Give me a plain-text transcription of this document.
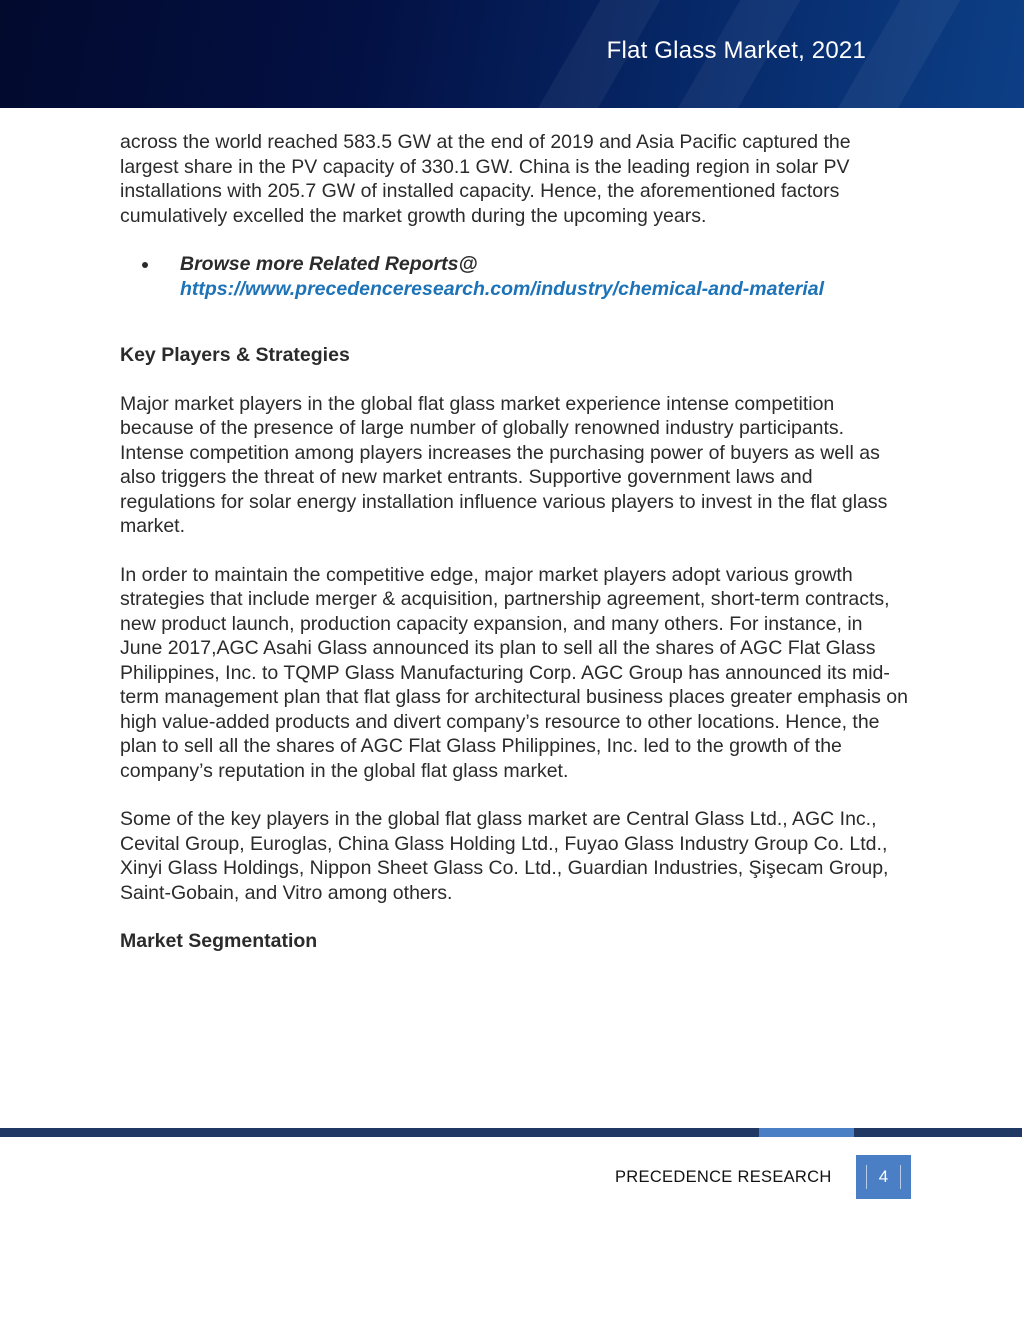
Flat Glass Market, 2021

across the world reached 583.5 GW at the end of 2019 and Asia Pacific captured the largest share in the PV capacity of 330.1 GW. China is the leading region in solar PV installations with 205.7 GW of installed capacity. Hence, the aforementioned factors cumulatively excelled the market growth during the upcoming years.

Browse more Related Reports@ https://www.precedenceresearch.com/industry/chemical-and-material
Key Players & Strategies

Major market players in the global flat glass market experience intense competition because of the presence of large number of globally renowned industry participants. Intense competition among players increases the purchasing power of buyers as well as also triggers the threat of new market entrants. Supportive government laws and regulations for solar energy installation influence various players to invest in the flat glass market.

In order to maintain the competitive edge, major market players adopt various growth strategies that include merger & acquisition, partnership agreement, short-term contracts, new product launch, production capacity expansion, and many others. For instance, in June 2017,AGC Asahi Glass announced its plan to sell all the shares of AGC Flat Glass Philippines, Inc. to TQMP Glass Manufacturing Corp. AGC Group has announced its mid-term management plan that flat glass for architectural business places greater emphasis on high value-added products and divert company’s resource to other locations. Hence, the plan to sell all the shares of AGC Flat Glass Philippines, Inc. led to the growth of the company’s reputation in the global flat glass market.

Some of the key players in the global flat glass market are Central Glass Ltd., AGC Inc., Cevital Group, Euroglas, China Glass Holding Ltd., Fuyao Glass Industry Group Co. Ltd., Xinyi Glass Holdings, Nippon Sheet Glass Co. Ltd., Guardian Industries, Şişecam Group, Saint-Gobain, and Vitro among others.

Market Segmentation
PRECEDENCE RESEARCH	4
